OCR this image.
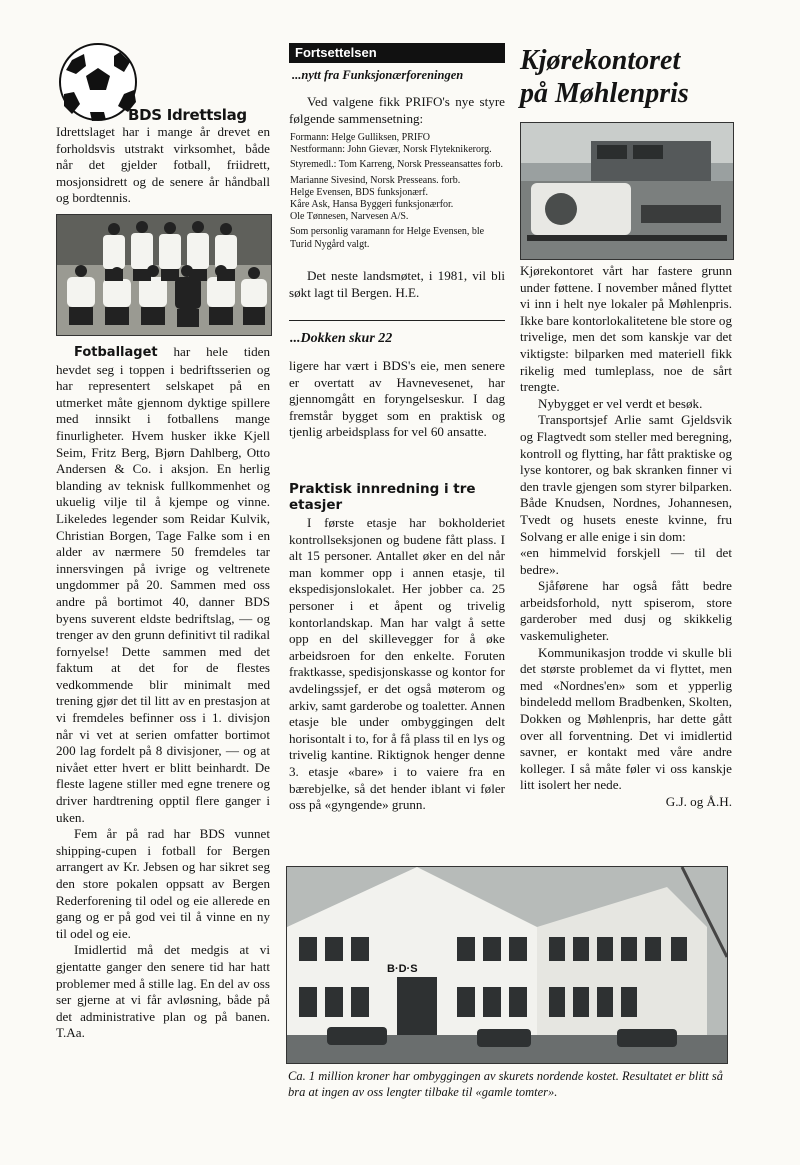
BDS Idrettslag

Idrettslaget har i mange år drevet en forholdsvis utstrakt virksomhet, både når det gjelder fotball, friidrett, mosjonsidrett og de senere år håndball og bordtennis.

Fotballaget har hele tiden hevdet seg i toppen i bedriftsserien og har representert selskapet på en utmerket måte gjennom dyktige spillere med innsikt i fotballens mange finurligheter. Hvem husker ikke Kjell Seim, Fritz Berg, Bjørn Dahlberg, Otto Andersen & Co. i aksjon. En herlig blanding av teknisk fullkommenhet og ukuelig vilje til å kjempe og vinne. Likeledes legender som Reidar Kulvik, Christian Borgen, Tage Falke som i en alder av nærmere 50 fremdeles tar innersvingen på ivrige og veltrenete ungdommer på 20. Sammen med oss andre på bortimot 40, danner BDS byens suverent eldste bedriftslag, — og trenger av den grunn definitivt til radikal fornyelse! Dette sammen med det faktum at det for de flestes vedkommende blir minimalt med trening gjør det til litt av en prestasjon at vi fremdeles befinner oss i 1. divisjon når vi vet at serien omfatter bortimot 200 lag fordelt på 8 divisjoner, — og at nivået etter hvert er blitt beinhardt. De fleste lagene stiller med egne trenere og driver hardtrening opptil flere ganger i uken.

Fem år på rad har BDS vunnet shipping-cupen i fotball for Bergen arrangert av Kr. Jebsen og har sikret seg den store pokalen oppsatt av Bergen Rederforening til odel og eie allerede en gang og er på god vei til å vinne en ny til odel og eie.

Imidlertid må det medgis at vi gjentatte ganger den senere tid har hatt problemer med å stille lag. En del av oss ser gjerne at vi får avløsning, både på det administrative plan og på banen. T.Aa.

Fortsettelsen
...nytt fra Funksjonærforeningen

Ved valgene fikk PRIFO's nye styre følgende sammensetning:

Formann: Helge Gulliksen, PRIFO

Nestformann: John Gievær, Norsk Flyteknikerorg.

Styremedl.: Tom Karreng, Norsk Presseansattes forb.

Marianne Sivesind, Norsk Presseans. forb.

Helge Evensen, BDS funksjonærf.

Kåre Ask, Hansa Byggeri funksjonærfor.

Ole Tønnesen, Narvesen A/S.

Som personlig varamann for Helge Evensen, ble Turid Nygård valgt.

Det neste landsmøtet, i 1981, vil bli søkt lagt til Bergen. H.E.

...Dokken skur 22

ligere har vært i BDS's eie, men senere er overtatt av Havnevesenet, har gjennomgått en foryngelseskur. I dag fremstår bygget som en praktisk og tjenlig arbeidsplass for vel 60 ansatte.

Praktisk innredning i tre etasjer

I første etasje har bokholderiet kontrollseksjonen og budene fått plass. I alt 15 personer. Antallet øker en del når man kommer opp i annen etasje, til ekspedisjonslokalet. Her jobber ca. 25 personer i et åpent og trivelig kontorlandskap. Man har valgt å sette opp en del skillevegger for å øke arbeidsroen for den enkelte. Foruten fraktkasse, spedisjonskasse og kontor for avdelingssjef, er det også møterom og arkiv, samt garderobe og toaletter. Annen etasje ble under ombyggingen delt horisontalt i to, for å få plass til en lys og trivelig kantine. Riktignok henger denne 3. etasje «bare» i to vaiere fra en bærebjelke, så det hender iblant vi føler oss på «gyngende» grunn.

Kjørekontoret
på Møhlenpris

Kjørekontoret vårt har fastere grunn under føttene. I november måned flyttet vi inn i helt nye lokaler på Møhlenpris. Ikke bare kontorlokalitetene ble store og trivelige, men det som kanskje var det viktigste: bilparken med materiell fikk rikelig med tumleplass, noe de sårt trengte.

Nybygget er vel verdt et besøk.

Transportsjef Arlie samt Gjeldsvik og Flagtvedt som steller med beregning, kontroll og flytting, har fått praktiske og lyse kontorer, og bak skranken finner vi den travle gjengen som styrer bilparken. Både Knudsen, Nordnes, Johannesen, Tvedt og husets eneste kvinne, fru Solvang er alle enige i sin dom:

«en himmelvid forskjell — til det bedre».

Sjåførene har også fått bedre arbeidsforhold, nytt spiserom, store garderober med dusj og skikkelig vaskemuligheter.

Kommunikasjon trodde vi skulle bli det største problemet da vi flyttet, men med «Nordnes'en» som et ypperlig bindeledd mellom Bradbenken, Skolten, Dokken og Møhlenpris, har dette gått over all forventning. Det vi imidlertid savner, er kontakt med våre andre kolleger. I så måte føler vi oss kanskje litt isolert her nede.

G.J. og Å.H.

B·D·S
Ca. 1 million kroner har ombyggingen av skurets nordende kostet. Resultatet er blitt så bra at ingen av oss lengter tilbake til «gamle tomter».
